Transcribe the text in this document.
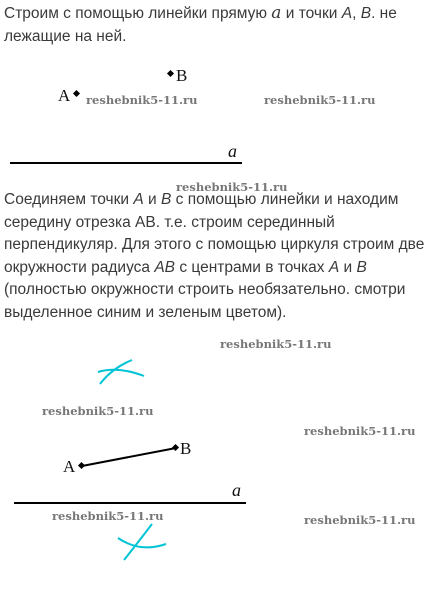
Строим с помощью линейки прямую a и точки А, В. не лежащие на ней.

Соединяем точки А и В с помощью линейки и находим середину отрезка АВ. т.е. строим серединный перпендикуляр. Для этого с помощью циркуля строим две окружности радиуса АВ с центрами в точках А и В (полностью окружности строить необязательно. смотри выделенное синим и зеленым цветом).

А
В
a
А
В
a
reshebnik5-11.ru	reshebnik5-11.ru
reshebnik5-11.ru
reshebnik5-11.ru
reshebnik5-11.ru
reshebnik5-11.ru
reshebnik5-11.ru	reshebnik5-11.ru
